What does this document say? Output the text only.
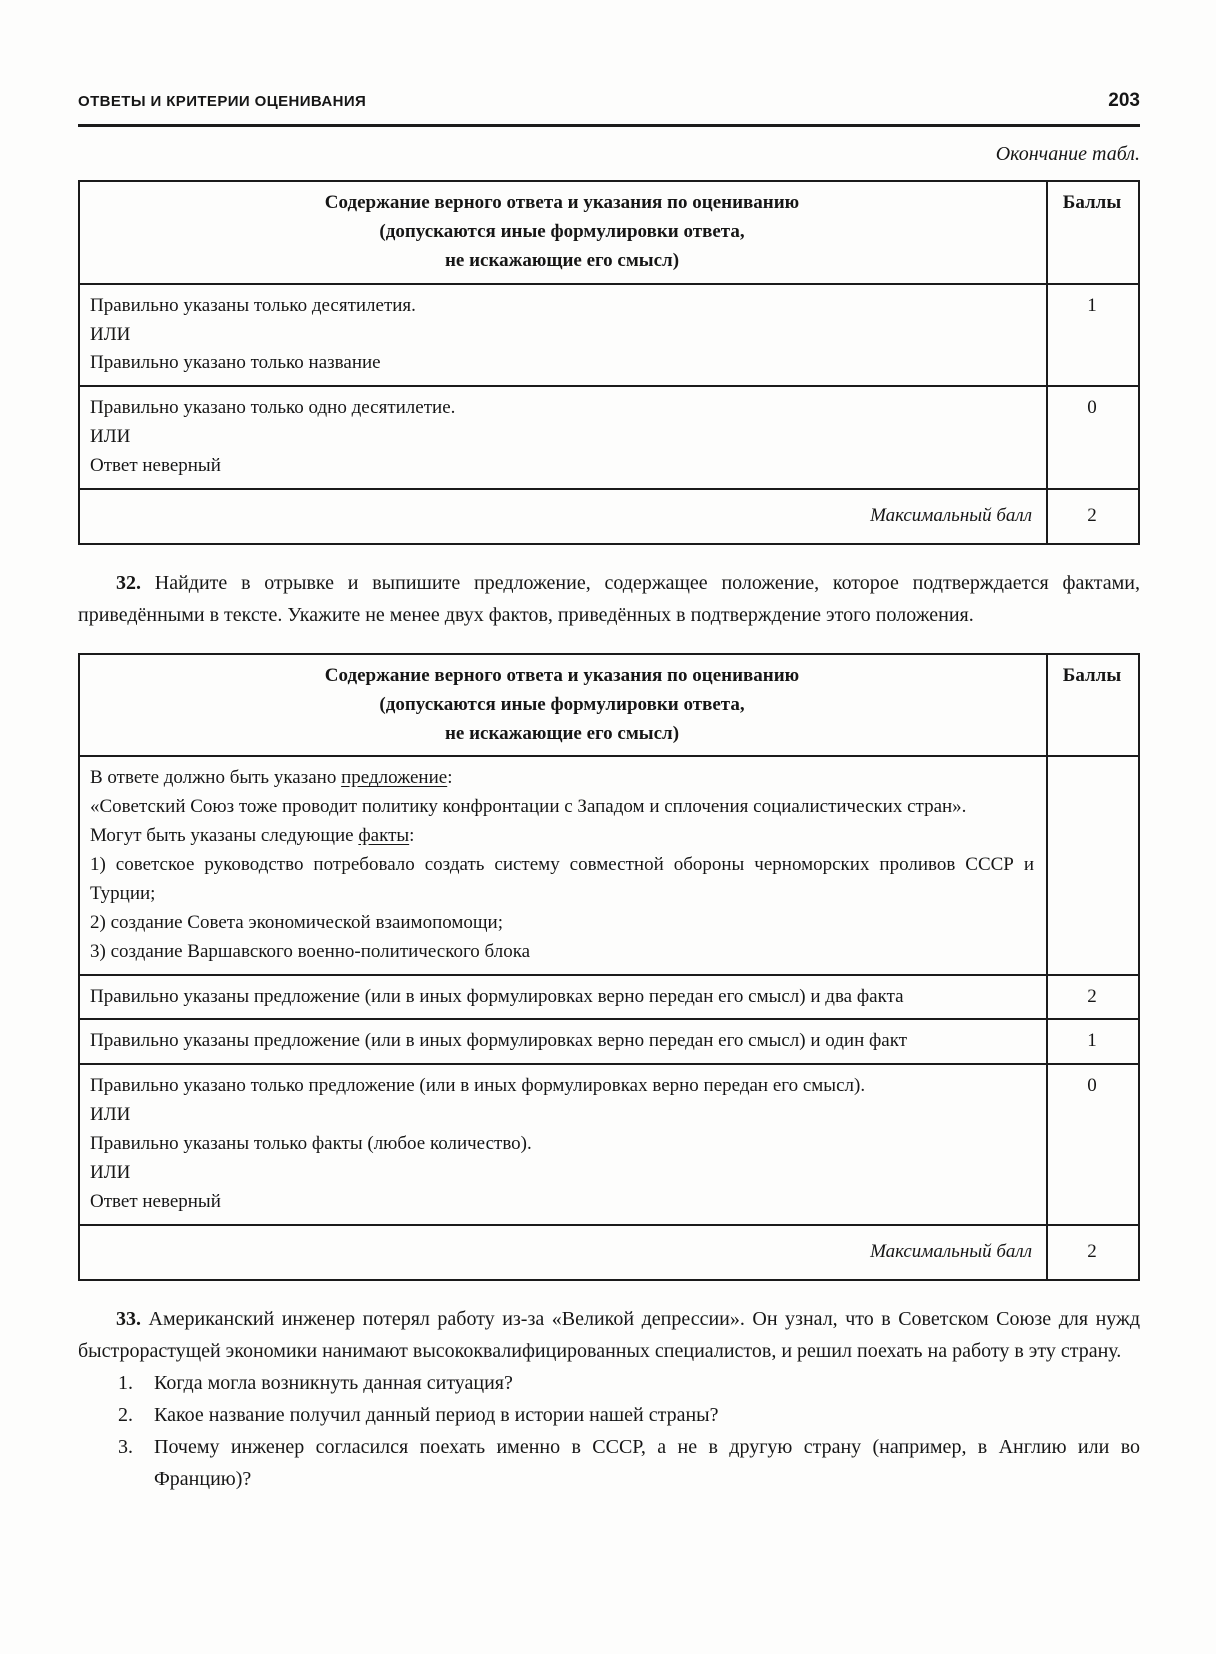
ОТВЕТЫ И КРИТЕРИИ ОЦЕНИВАНИЯ	203
Окончание табл.
Содержание верного ответа и указания по оцениванию
(допускаются иные формулировки ответа,
не искажающие его смысл)	Баллы

Правильно указаны только десятилетия.
ИЛИ
Правильно указано только название	1

Правильно указано только одно десятилетие.
ИЛИ
Ответ неверный	0
Максимальный балл	2

32. Найдите в отрывке и выпишите предложение, содержащее положение, которое подтверждается фактами, приведёнными в тексте. Укажите не менее двух фактов, приведённых в подтверждение этого положения.

Содержание верного ответа и указания по оцениванию
(допускаются иные формулировки ответа,
не искажающие его смысл)	Баллы

В ответе должно быть указано предложение:
«Советский Союз тоже проводит политику конфронтации с Западом и сплочения социалистических стран».
Могут быть указаны следующие факты:
1) советское руководство потребовало создать систему совместной обороны черноморских проливов СССР и Турции;
2) создание Совета экономической взаимопомощи;
3) создание Варшавского военно-политического блока

Правильно указаны предложение (или в иных формулировках верно передан его смысл) и два факта	2

Правильно указаны предложение (или в иных формулировках верно передан его смысл) и один факт	1

Правильно указано только предложение (или в иных формулировках верно передан его смысл).
ИЛИ
Правильно указаны только факты (любое количество).
ИЛИ
Ответ неверный	0
Максимальный балл	2

33. Американский инженер потерял работу из-за «Великой депрессии». Он узнал, что в Советском Союзе для нужд быстрорастущей экономики нанимают высококвалифицированных специалистов, и решил поехать на работу в эту страну.

1. Когда могла возникнуть данная ситуация?
2. Какое название получил данный период в истории нашей страны?
3. Почему инженер согласился поехать именно в СССР, а не в другую страну (например, в Англию или во Францию)?
